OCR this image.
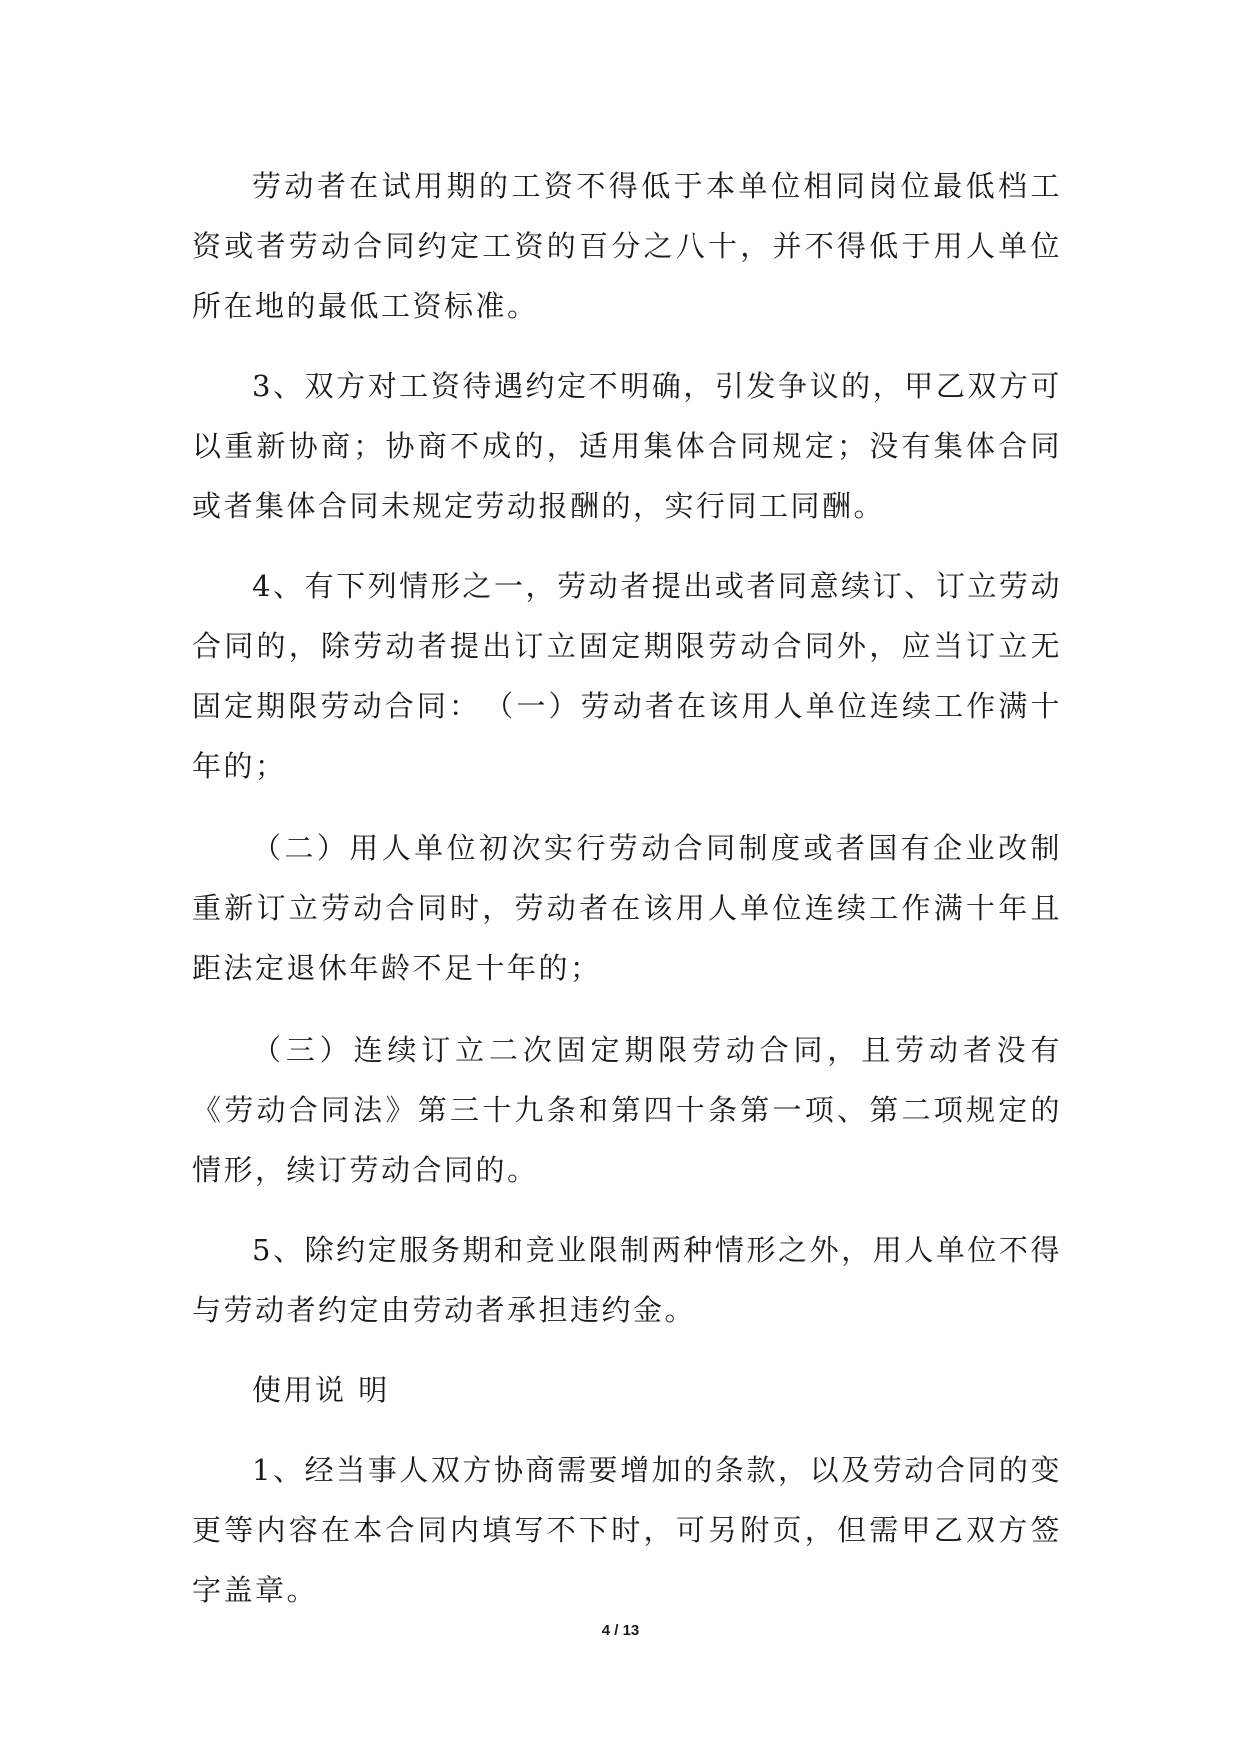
劳动者在试用期的工资不得低于本单位相同岗位最低档工资或者劳动合同约定工资的百分之八十，并不得低于用人单位所在地的最低工资标准。

3、双方对工资待遇约定不明确，引发争议的，甲乙双方可以重新协商；协商不成的，适用集体合同规定；没有集体合同或者集体合同未规定劳动报酬的，实行同工同酬。

4、有下列情形之一，劳动者提出或者同意续订、订立劳动合同的，除劳动者提出订立固定期限劳动合同外，应当订立无固定期限劳动合同：　（一）劳动者在该用人单位连续工作满十年的；

（二）用人单位初次实行劳动合同制度或者国有企业改制重新订立劳动合同时，劳动者在该用人单位连续工作满十年且距法定退休年龄不足十年的；

（三）连续订立二次固定期限劳动合同，且劳动者没有《劳动合同法》第三十九条和第四十条第一项、第二项规定的情形，续订劳动合同的。

5、除约定服务期和竞业限制两种情形之外，用人单位不得与劳动者约定由劳动者承担违约金。

使用说 明

1、经当事人双方协商需要增加的条款，以及劳动合同的变更等内容在本合同内填写不下时，可另附页，但需甲乙双方签字盖章。

4 / 13
